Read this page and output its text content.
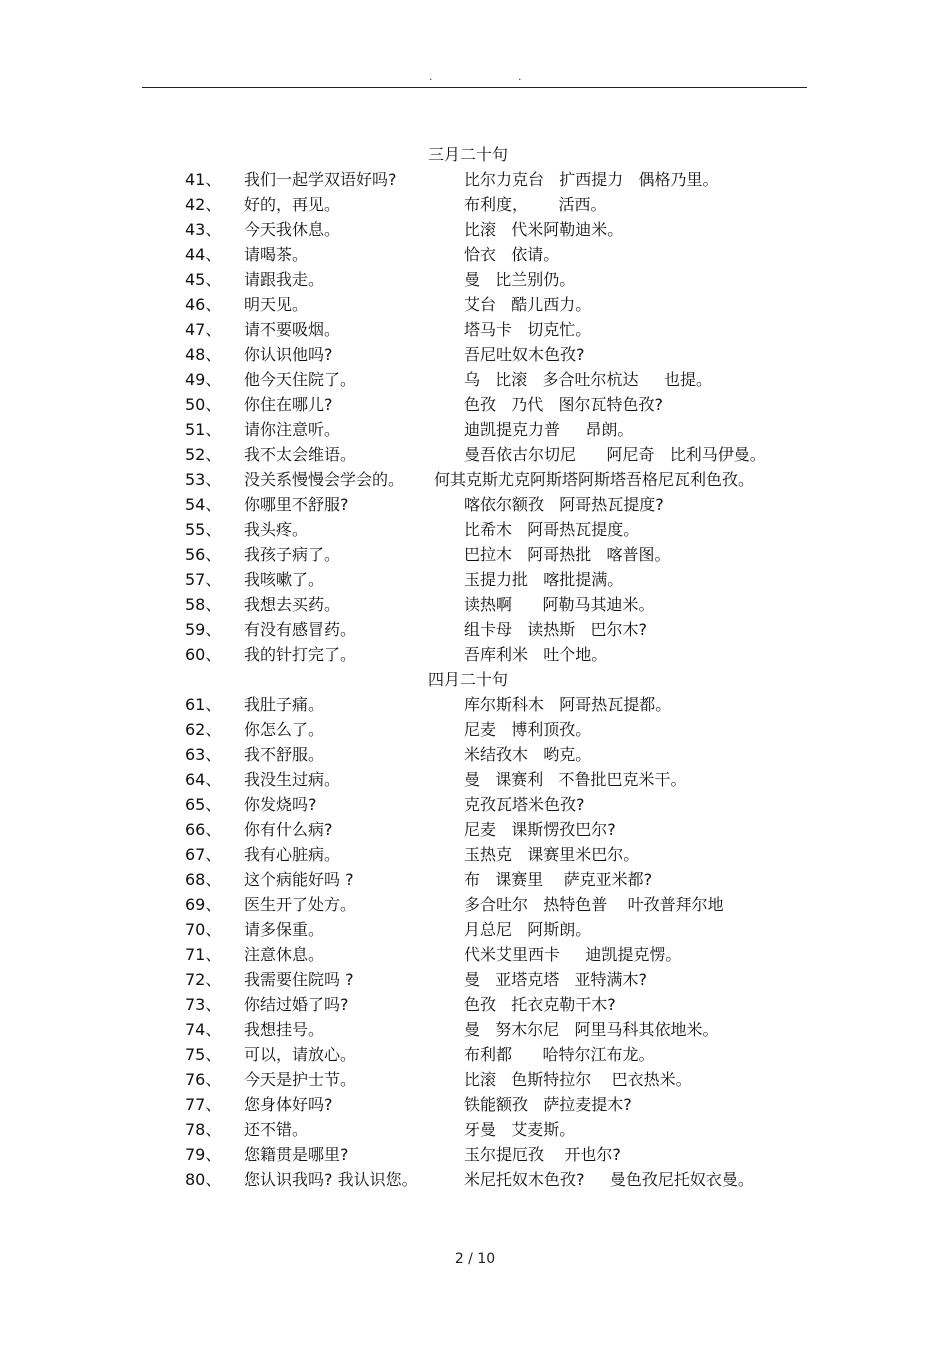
.	.
三月二十句
41、 我们一起学双语好吗?	比尔力克台   扩西提力   偶格乃里。
42、 好的，再见。	布利度，      活西。
43、 今天我休息。	比滚   代米阿勒迪米。
44、 请喝茶。	恰衣   依请。
45、 请跟我走。	曼   比兰别仍。
46、 明天见。	艾台   酷儿西力。
47、 请不要吸烟。	塔马卡   切克忙。
48、 你认识他吗?	吾尼吐奴木色孜?
49、 他今天住院了。	乌   比滚   多合吐尔杭达     也提。
50、 你住在哪儿?	色孜   乃代   图尔瓦特色孜?
51、 请你注意听。	迪凯提克力普     昂朗。
52、 我不太会维语。	曼吾依古尔切尼      阿尼奇   比利马伊曼。
53、 没关系慢慢会学会的。 何其克斯尤克阿斯塔阿斯塔吾格尼瓦利色孜。
54、 你哪里不舒服?	喀依尔额孜   阿哥热瓦提度?
55、 我头疼。	比希木   阿哥热瓦提度。
56、 我孩子病了。	巴拉木   阿哥热批   喀普图。
57、 我咳嗽了。	玉提力批   喀批提满。
58、 我想去买药。	读热啊      阿勒马其迪米。
59、 有没有感冒药。	组卡母   读热斯   巴尔木?
60、 我的针打完了。	吾库利米   吐个地。
四月二十句
61、 我肚子痛。	库尔斯科木   阿哥热瓦提都。
62、 你怎么了。	尼麦   博利顶孜。
63、 我不舒服。	米结孜木   哟克。
64、 我没生过病。	曼   课赛利   不鲁批巴克米干。
65、 你发烧吗?	克孜瓦塔米色孜?
66、 你有什么病?	尼麦   课斯愣孜巴尔?
67、 我有心脏病。	玉热克   课赛里米巴尔。
68、 这个病能好吗 ?	布   课赛里    萨克亚米都?
69、 医生开了处方。	多合吐尔   热特色普    叶孜普拜尔地
70、 请多保重。	月总尼   阿斯朗。
71、 注意休息。	代米艾里西卡     迪凯提克愣。
72、 我需要住院吗 ?	曼   亚塔克塔   亚特满木?
73、 你结过婚了吗?	色孜   托衣克勒干木?
74、 我想挂号。	曼   努木尔尼   阿里马科其依地米。
75、 可以，请放心。	布利都      哈特尔江布龙。
76、 今天是护士节。	比滚   色斯特拉尔    巴衣热米。
77、 您身体好吗?	铁能额孜   萨拉麦提木?
78、 还不错。	牙曼   艾麦斯。
79、 您籍贯是哪里?	玉尔提厄孜    开也尔?
80、 您认识我吗? 我认识您。	米尼托奴木色孜?     曼色孜尼托奴衣曼。
2 / 10
